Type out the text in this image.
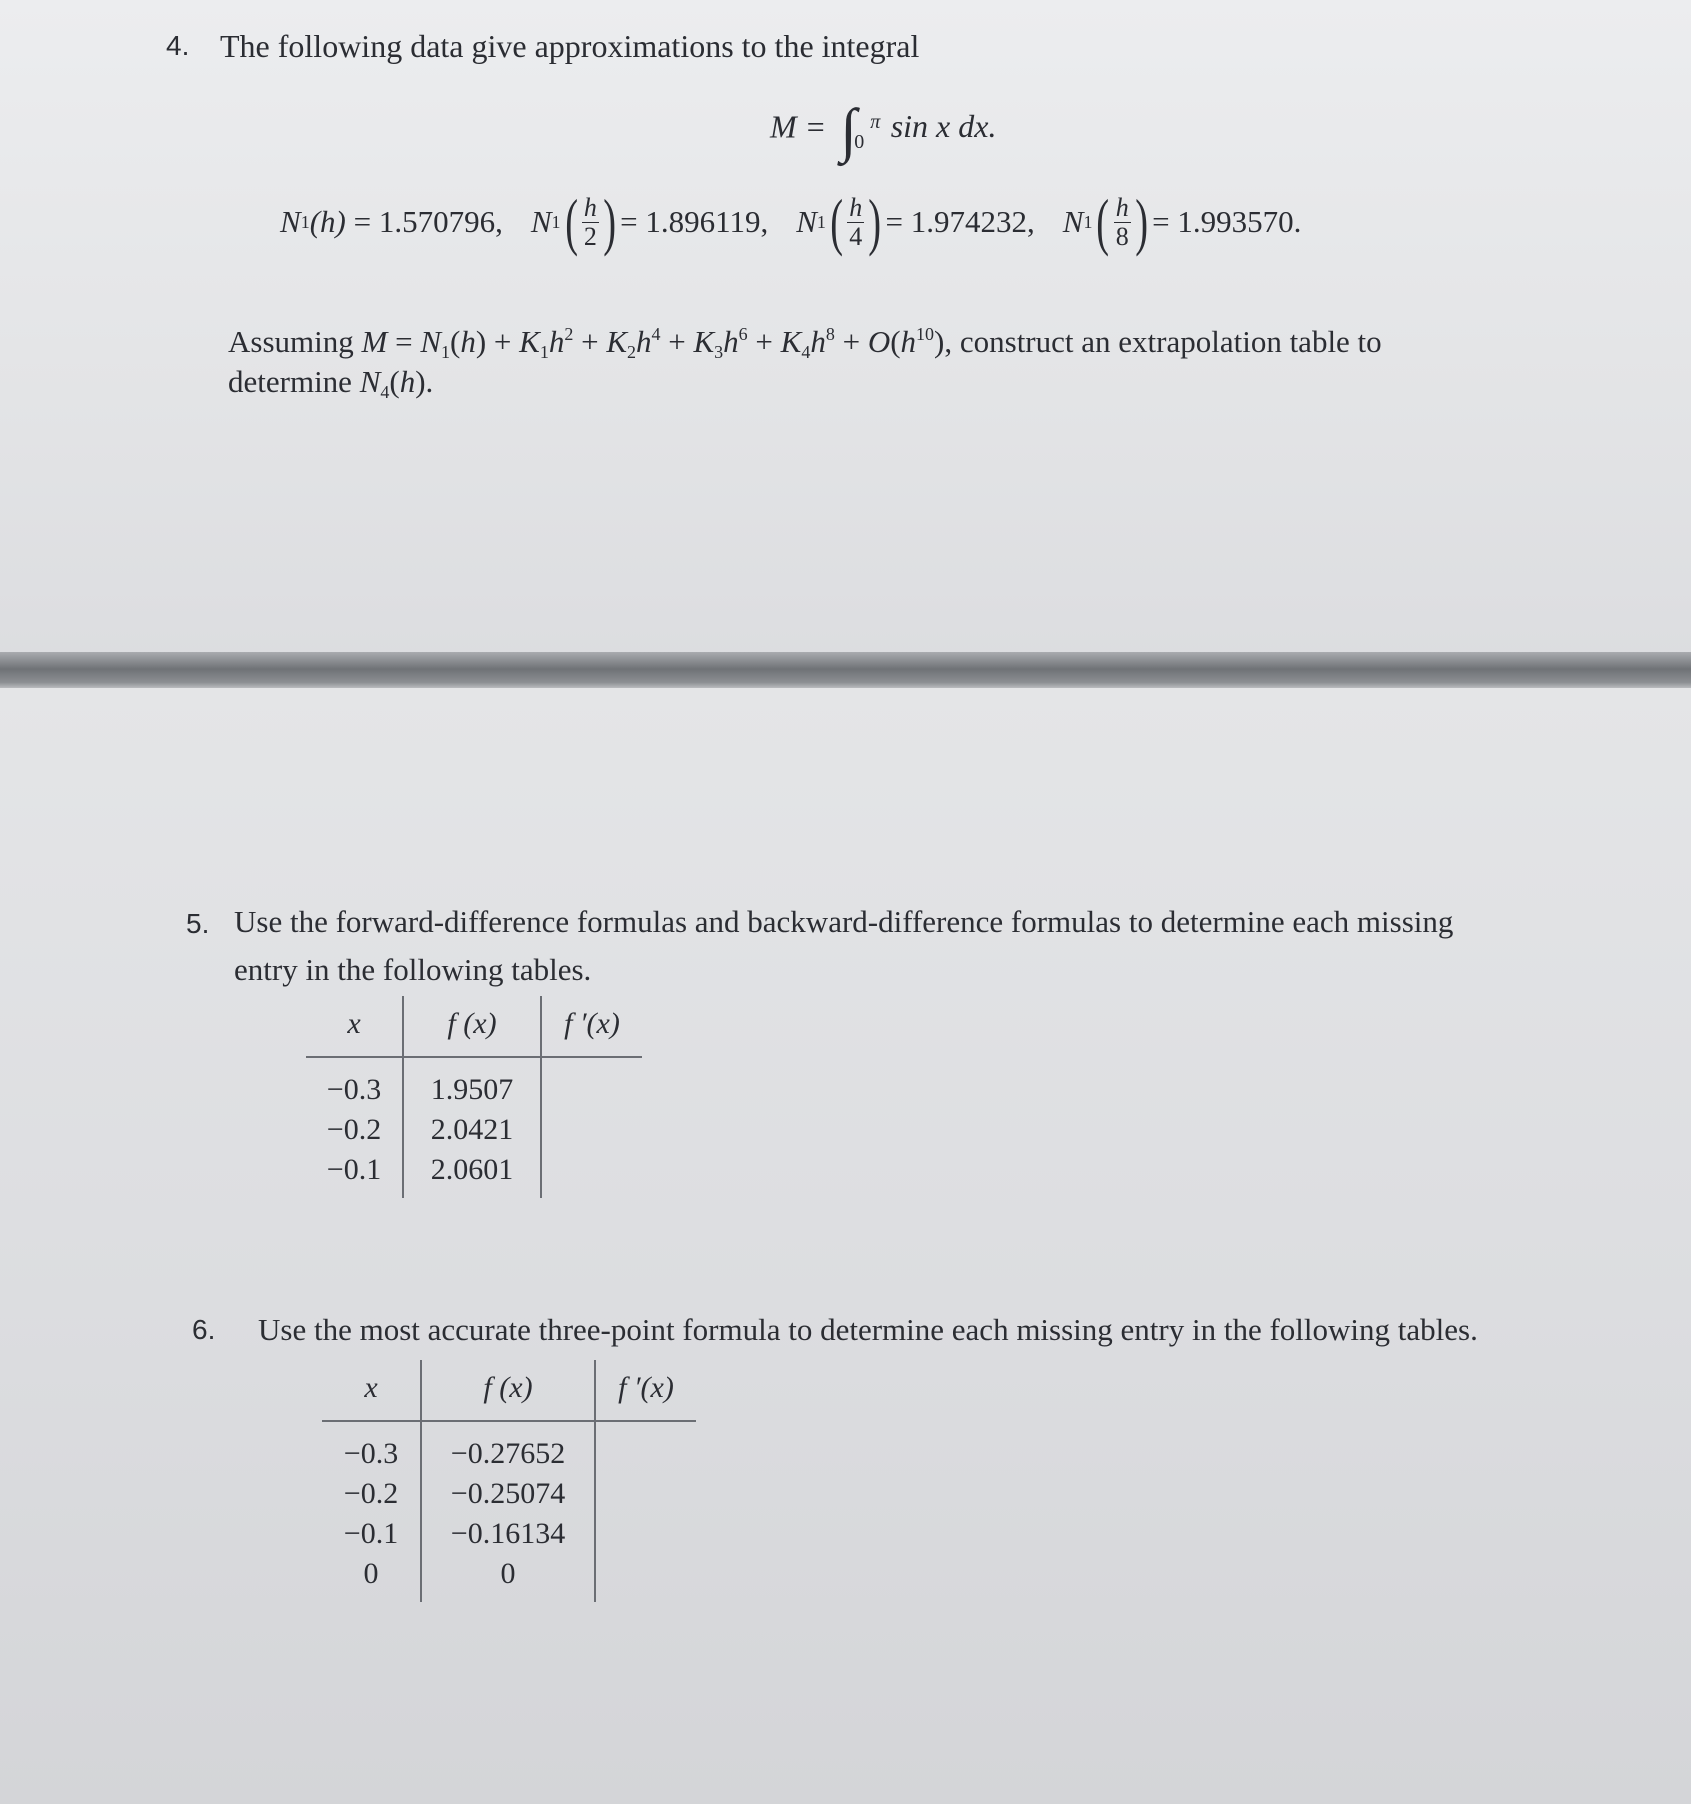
4. The following data give approximations to the integral
M = ∫ π
0 sin x dx.
N 1 (h)
= 1.570796, N 1 ( $\frac{h}{2}$ ) = 1.896119, N 1 ( $\frac{h}{4}$ ) = 1.974232, N 1 ( $\frac{h}{8}$ ) = 1.993570.
Assuming $M = N_1(h) + K_1h^2 + K_2h^4 + K_3h^6 + K_4h^8 + O(h^{10})$, construct an extrapolation table to
determine $N_4(h)$.
5. Use the forward-difference formulas and backward-difference formulas to determine each missing
entry in the following tables.
x	f (x)	f ′(x)
−0.3	1.9507	
−0.2	2.0421	
−0.1	2.0601	
6. Use the most accurate three-point formula to determine each missing entry in the following tables.
x	f (x)	f ′(x)
−0.3	−0.27652	
−0.2	−0.25074	
−0.1	−0.16134	
0	0	
